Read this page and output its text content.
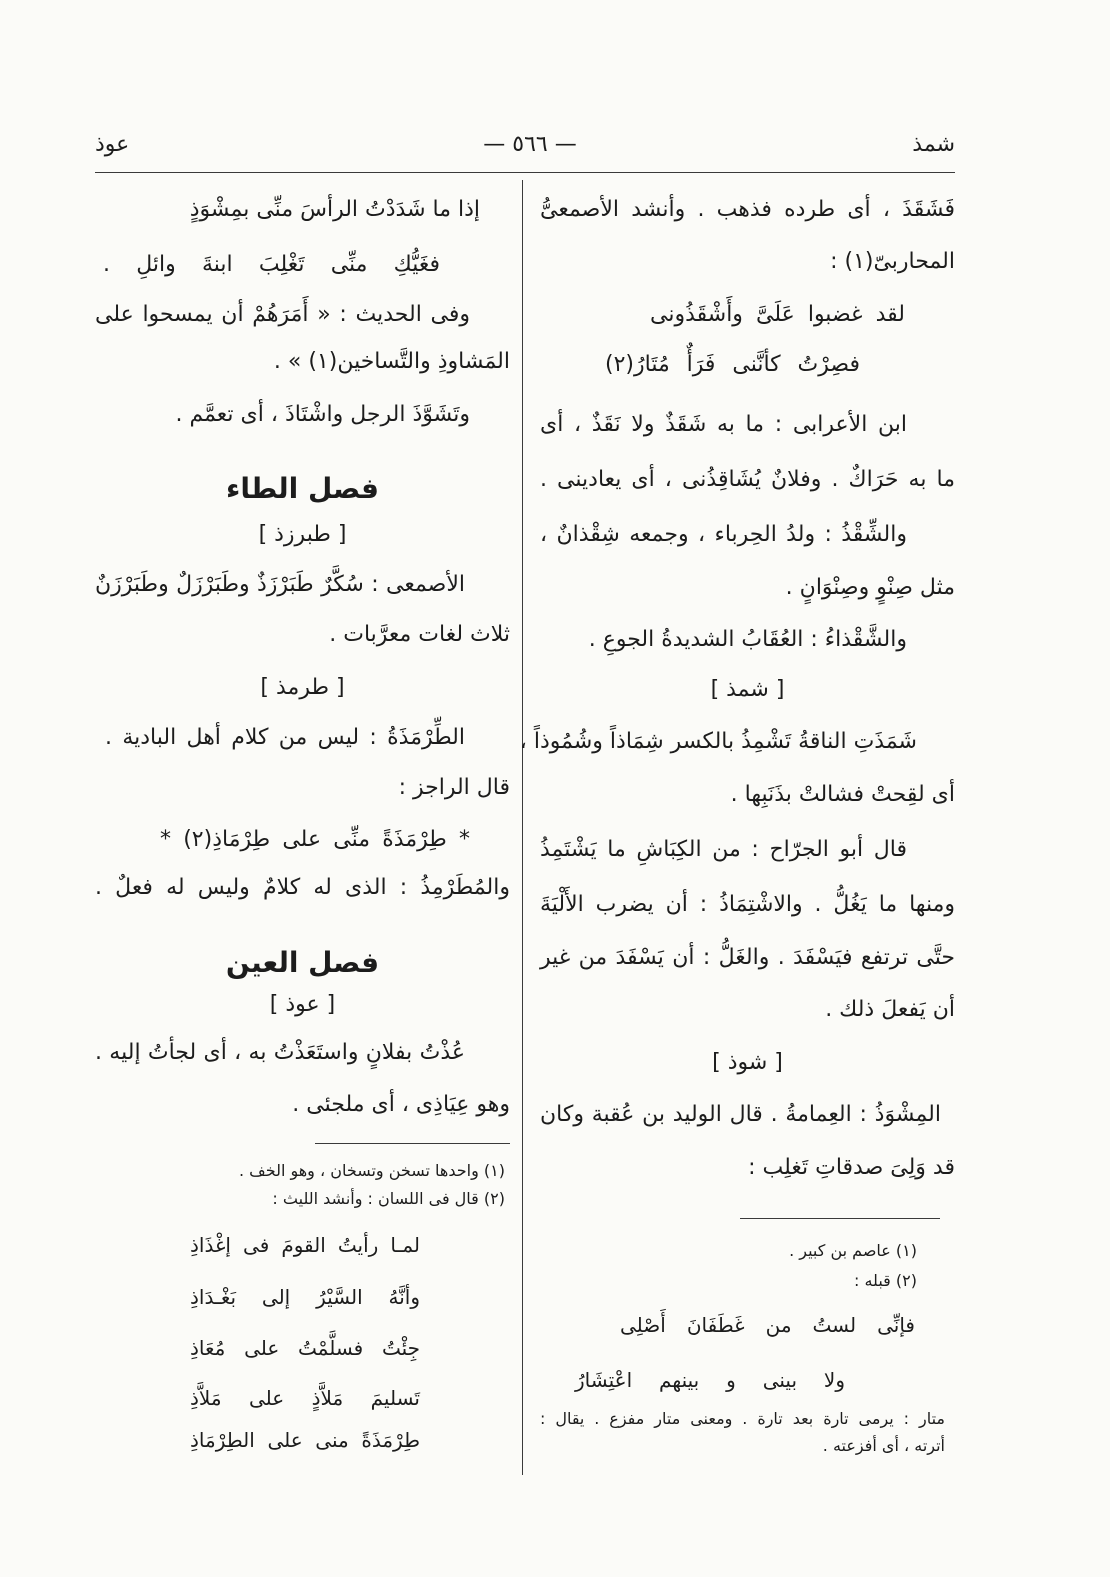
شمذ
— ٥٦٦ —
عوذ
فَشَقَذَ ، أى طرده فذهب . وأنشد الأصمعىُّ
المحاربىّ(١) :
لقد غضبوا عَلَىَّ وأَشْقَذُونى
فصِرْتُ كأنَّنى فَرَأٌ مُتَارُ(٢)
ابن الأعرابى : ما به شَقَذٌ ولا نَقَذٌ ، أى
ما به حَرَاكٌ . وفلانٌ يُشَاقِذُنى ، أى يعادينى .
والشِّقْذُ : ولدُ الحِرباء ، وجمعه شِقْذانٌ ،
مثل صِنْوٍ وصِنْوَانٍ .
والشَّقْذاءُ : العُقَابُ الشديدةُ الجوعِ .
[ شمذ ]
شَمَذَتِ الناقةُ تَشْمِذُ بالكسر شِمَاذاً وشُمُوذاً ،
أى لقِحتْ فشالتْ بذَنَبِها .
قال أبو الجرّاح : من الكِبَاشِ ما يَشْتَمِذُ
ومنها ما يَغُلُّ . والاشْتِمَاذُ : أن يضرب الأَلْيَةَ
حتَّى ترتفع فيَسْفَدَ . والغَلُّ : أن يَسْفَدَ من غير
أن يَفعلَ ذلك .
[ شوذ ]
المِشْوَذُ : العِمامةُ . قال الوليد بن عُقبة وكان
قد وَلِىَ صدقاتِ تَغلِب :
(١) عاصم بن كبير .
(٢) قبله :
فإنِّى لستُ من غَطَفَانَ أَصْلِى
ولا بينى و بينهم اعْتِشَارُ
متار : يرمى تارة بعد تارة . ومعنى متار مفزع . يقال :
أترته ، أى أفزعته .
إذا ما شَدَدْتُ الرأسَ منِّى بمِشْوَذٍ
فغَيُّكِ منِّى تَغْلِبَ ابنةَ وائلِ .
وفى الحديث : « أَمَرَهُمْ أن يمسحوا على
المَشاوذِ والتَّساخين(١) » .
وتَشَوَّذَ الرجل واشْتَاذَ ، أى تعمَّم .
فصل الطاء
[ طبرزذ ]
الأصمعى : سُكَّرٌ طَبَرْزَذٌ وطَبَرْزَلٌ وطَبَرْزَنٌ
ثلاث لغات معرَّبات .
[ طرمذ ]
الطِّرْمَذَةُ : ليس من كلام أهل البادية .
قال الراجز :
* طِرْمَذَةً منِّى على طِرْمَاذِ(٢) *
والمُطَرْمِذُ : الذى له كلامٌ وليس له فعلٌ .
فصل العين
[ عوذ ]
عُذْتُ بفلانٍ واستَعَذْتُ به ، أى لجأتُ إليه .
وهو عِيَاذِى ، أى ملجئى .
(١) واحدها تسخن وتسخان ، وهو الخف .
(٢) قال فى اللسان : وأنشد الليث :
لمـا رأيتُ القومَ فى إغْذَاذِ
وأنَّهُ السَّيْرُ إلى بَغْـدَاذِ
جِئْتُ فسلَّمْتُ على مُعَاذِ
تَسليمَ مَلاَّذٍ على مَلاَّذِ
طِرْمَذَةً منى على الطِرْمَاذِ
